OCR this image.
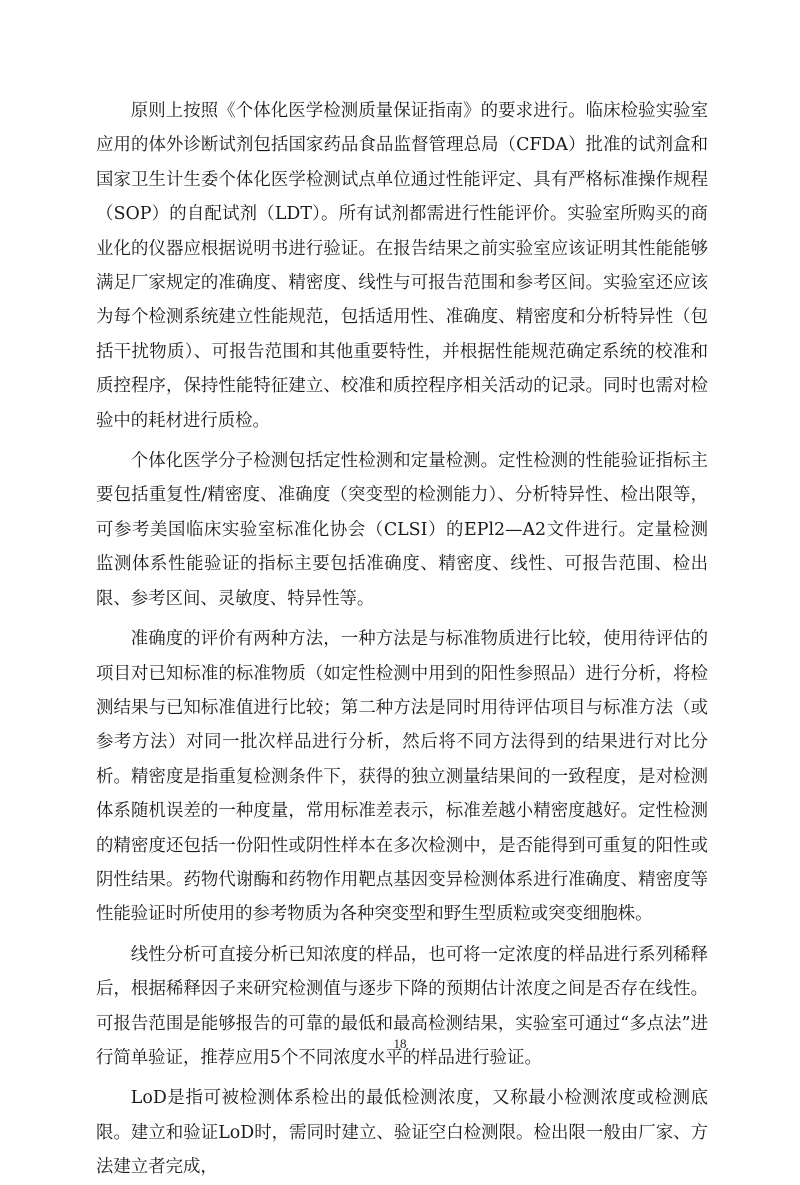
原则上按照《个体化医学检测质量保证指南》的要求进行。临床检验实验室应用的体外诊断试剂包括国家药品食品监督管理总局（CFDA）批准的试剂盒和国家卫生计生委个体化医学检测试点单位通过性能评定、具有严格标准操作规程（SOP）的自配试剂（LDT）。所有试剂都需进行性能评价。实验室所购买的商业化的仪器应根据说明书进行验证。在报告结果之前实验室应该证明其性能能够满足厂家规定的准确度、精密度、线性与可报告范围和参考区间。实验室还应该为每个检测系统建立性能规范，包括适用性、准确度、精密度和分析特异性（包括干扰物质）、可报告范围和其他重要特性，并根据性能规范确定系统的校准和质控程序，保持性能特征建立、校准和质控程序相关活动的记录。同时也需对检验中的耗材进行质检。

个体化医学分子检测包括定性检测和定量检测。定性检测的性能验证指标主要包括重复性/精密度、准确度（突变型的检测能力）、分析特异性、检出限等，可参考美国临床实验室标准化协会（CLSI）的EPl2—A2文件进行。定量检测监测体系性能验证的指标主要包括准确度、精密度、线性、可报告范围、检出限、参考区间、灵敏度、特异性等。

准确度的评价有两种方法，一种方法是与标准物质进行比较，使用待评估的项目对已知标准的标准物质（如定性检测中用到的阳性参照品）进行分析，将检测结果与已知标准值进行比较；第二种方法是同时用待评估项目与标准方法（或参考方法）对同一批次样品进行分析，然后将不同方法得到的结果进行对比分析。精密度是指重复检测条件下，获得的独立测量结果间的一致程度，是对检测体系随机误差的一种度量，常用标准差表示，标准差越小精密度越好。定性检测的精密度还包括一份阳性或阴性样本在多次检测中，是否能得到可重复的阳性或阴性结果。药物代谢酶和药物作用靶点基因变异检测体系进行准确度、精密度等性能验证时所使用的参考物质为各种突变型和野生型质粒或突变细胞株。

线性分析可直接分析已知浓度的样品，也可将一定浓度的样品进行系列稀释后，根据稀释因子来研究检测值与逐步下降的预期估计浓度之间是否存在线性。可报告范围是能够报告的可靠的最低和最高检测结果，实验室可通过“多点法”进行简单验证，推荐应用5个不同浓度水平的样品进行验证。

LoD是指可被检测体系检出的最低检测浓度，又称最小检测浓度或检测底限。建立和验证LoD时，需同时建立、验证空白检测限。检出限一般由厂家、方法建立者完成，

18
